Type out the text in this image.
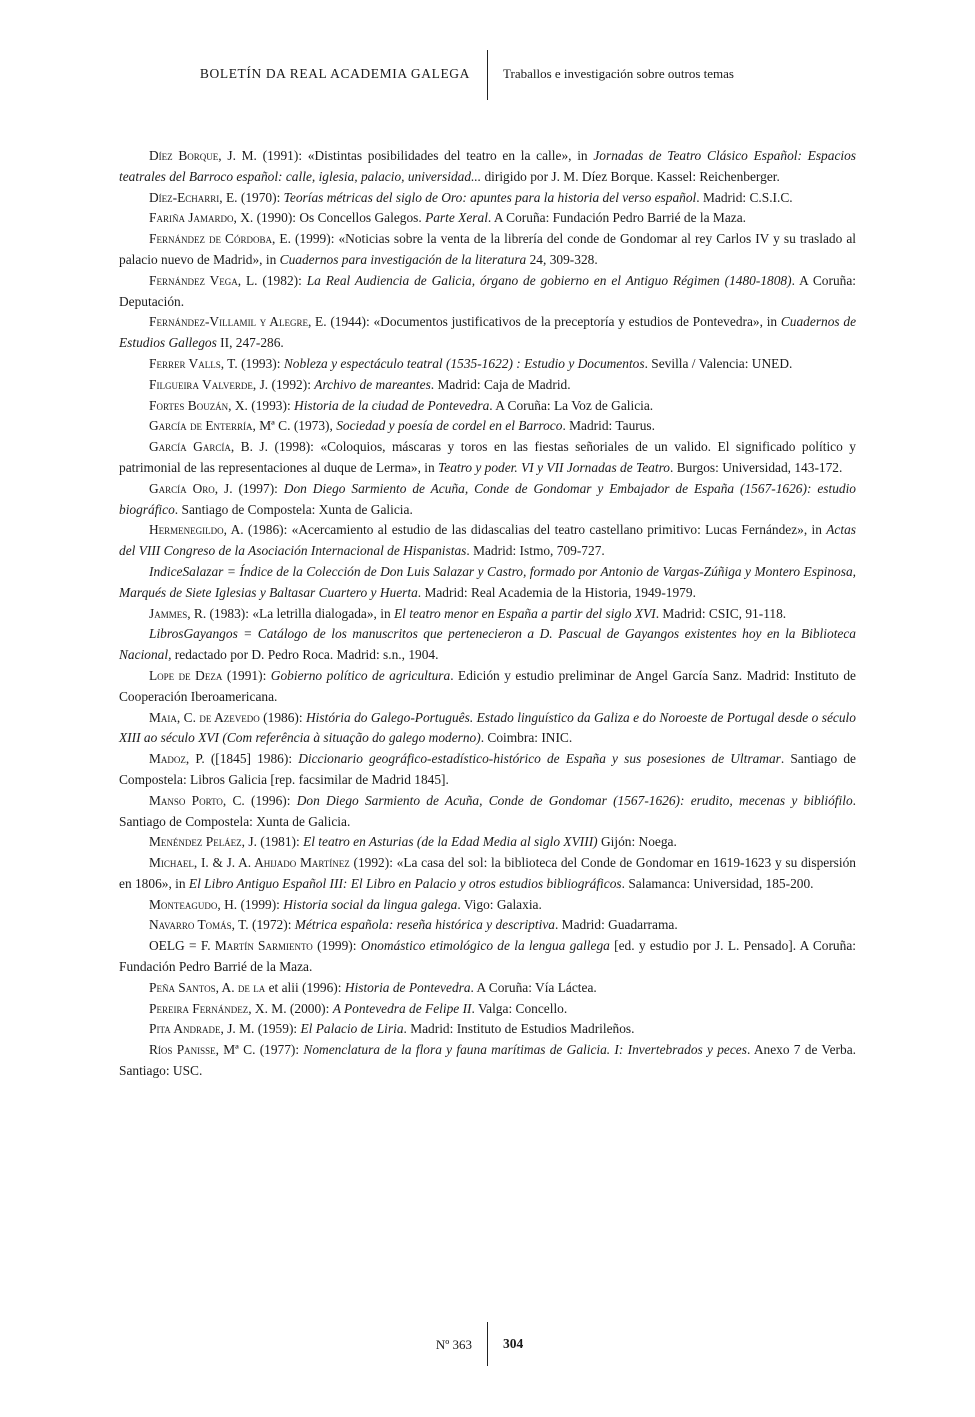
BOLETÍN DA REAL ACADEMIA GALEGA	Traballos e investigación sobre outros temas

Díez Borque, J. M. (1991): «Distintas posibilidades del teatro en la calle», in Jornadas de Teatro Clásico Español: Espacios teatrales del Barroco español: calle, iglesia, palacio, universidad... dirigido por J. M. Díez Borque. Kassel: Reichenberger.

Díez-Echarri, E. (1970): Teorías métricas del siglo de Oro: apuntes para la historia del verso español. Madrid: C.S.I.C.

Fariña Jamardo, X. (1990): Os Concellos Galegos. Parte Xeral. A Coruña: Fundación Pedro Barrié de la Maza.

Fernández de Córdoba, E. (1999): «Noticias sobre la venta de la librería del conde de Gondomar al rey Carlos IV y su traslado al palacio nuevo de Madrid», in Cuadernos para investigación de la literatura 24, 309-328.

Fernández Vega, L. (1982): La Real Audiencia de Galicia, órgano de gobierno en el Antiguo Régimen (1480-1808). A Coruña: Deputación.

Fernández-Villamil y Alegre, E. (1944): «Documentos justificativos de la preceptoría y estudios de Pontevedra», in Cuadernos de Estudios Gallegos II, 247-286.

Ferrer Valls, T. (1993): Nobleza y espectáculo teatral (1535-1622) : Estudio y Documentos. Sevilla / Valencia: UNED.

Filgueira Valverde, J. (1992): Archivo de mareantes. Madrid: Caja de Madrid.

Fortes Bouzán, X. (1993): Historia de la ciudad de Pontevedra. A Coruña: La Voz de Galicia.

García de Enterría, Mª C. (1973), Sociedad y poesía de cordel en el Barroco. Madrid: Taurus.

García García, B. J. (1998): «Coloquios, máscaras y toros en las fiestas señoriales de un valido. El significado político y patrimonial de las representaciones al duque de Lerma», in Teatro y poder. VI y VII Jornadas de Teatro. Burgos: Universidad, 143-172.

García Oro, J. (1997): Don Diego Sarmiento de Acuña, Conde de Gondomar y Embajador de España (1567-1626): estudio biográfico. Santiago de Compostela: Xunta de Galicia.

Hermenegildo, A. (1986): «Acercamiento al estudio de las didascalias del teatro castellano primitivo: Lucas Fernández», in Actas del VIII Congreso de la Asociación Internacional de Hispanistas. Madrid: Istmo, 709-727.

IndiceSalazar = Índice de la Colección de Don Luis Salazar y Castro, formado por Antonio de Vargas-Zúñiga y Montero Espinosa, Marqués de Siete Iglesias y Baltasar Cuartero y Huerta. Madrid: Real Academia de la Historia, 1949-1979.

Jammes, R. (1983): «La letrilla dialogada», in El teatro menor en España a partir del siglo XVI. Madrid: CSIC, 91-118.

LibrosGayangos = Catálogo de los manuscritos que pertenecieron a D. Pascual de Gayangos existentes hoy en la Biblioteca Nacional, redactado por D. Pedro Roca. Madrid: s.n., 1904.

Lope de Deza (1991): Gobierno político de agricultura. Edición y estudio preliminar de Angel García Sanz. Madrid: Instituto de Cooperación Iberoamericana.

Maia, C. de Azevedo (1986): História do Galego-Português. Estado linguístico da Galiza e do Noroeste de Portugal desde o século XIII ao século XVI (Com referência à situação do galego moderno). Coimbra: INIC.

Madoz, P. ([1845] 1986): Diccionario geográfico-estadístico-histórico de España y sus posesiones de Ultramar. Santiago de Compostela: Libros Galicia [rep. facsimilar de Madrid 1845].

Manso Porto, C. (1996): Don Diego Sarmiento de Acuña, Conde de Gondomar (1567-1626): erudito, mecenas y bibliófilo. Santiago de Compostela: Xunta de Galicia.

Menéndez Peláez, J. (1981): El teatro en Asturias (de la Edad Media al siglo XVIII) Gijón: Noega.

Michael, I. & J. A. Ahijado Martínez (1992): «La casa del sol: la biblioteca del Conde de Gondomar en 1619-1623 y su dispersión en 1806», in El Libro Antiguo Español III: El Libro en Palacio y otros estudios bibliográficos. Salamanca: Universidad, 185-200.

Monteagudo, H. (1999): Historia social da lingua galega. Vigo: Galaxia.

Navarro Tomás, T. (1972): Métrica española: reseña histórica y descriptiva. Madrid: Guadarrama.

OELG = F. Martín Sarmiento (1999): Onomástico etimológico de la lengua gallega [ed. y estudio por J. L. Pensado]. A Coruña: Fundación Pedro Barrié de la Maza.

Peña Santos, A. de la et alii (1996): Historia de Pontevedra. A Coruña: Vía Láctea.

Pereira Fernández, X. M. (2000): A Pontevedra de Felipe II. Valga: Concello.

Pita Andrade, J. M. (1959): El Palacio de Liria. Madrid: Instituto de Estudios Madrileños.

Ríos Panisse, Mª C. (1977): Nomenclatura de la flora y fauna marítimas de Galicia. I: Invertebrados y peces. Anexo 7 de Verba. Santiago: USC.

Nº 363 304
